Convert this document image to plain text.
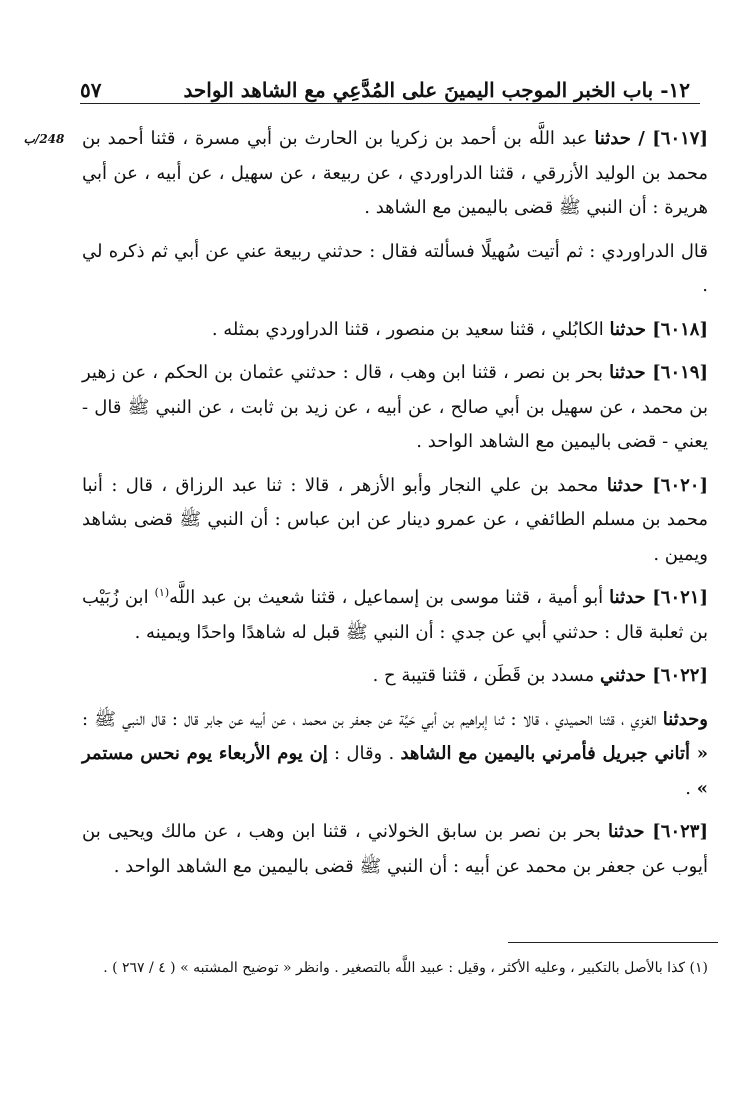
١٢- باب الخبر الموجب اليمينَ على المُدَّعِي مع الشاهد الواحد
٥٧
248/ب	[٦٠١٧] / حدثنا عبد اللَّه بن أحمد بن زكريا بن الحارث بن أبي مسرة ، قثنا أحمد بن محمد بن الوليد الأزرقي ، قثنا الدراوردي ، عن ربيعة ، عن سهيل ، عن أبيه ، عن أبي هريرة : أن النبي ﷺ قضى باليمين مع الشاهد .

قال الدراوردي : ثم أتيت سُهيلًا فسألته فقال : حدثني ربيعة عني عن أبي ثم ذكره لي .

[٦٠١٨] حدثنا الكابُلي ، قثنا سعيد بن منصور ، قثنا الدراوردي بمثله .

[٦٠١٩] حدثنا بحر بن نصر ، قثنا ابن وهب ، قال : حدثني عثمان بن الحكم ، عن زهير بن محمد ، عن سهيل بن أبي صالح ، عن أبيه ، عن زيد بن ثابت ، عن النبي ﷺ قال - يعني - قضى باليمين مع الشاهد الواحد .

[٦٠٢٠] حدثنا محمد بن علي النجار وأبو الأزهر ، قالا : ثنا عبد الرزاق ، قال : أنبا محمد بن مسلم الطائفي ، عن عمرو دينار عن ابن عباس : أن النبي ﷺ قضى بشاهد ويمين .

[٦٠٢١] حدثنا أبو أمية ، قثنا موسى بن إسماعيل ، قثنا شعيث بن عبد اللَّه$^{(١)}$ ابن زُبَيْب بن ثعلبة قال : حدثني أبي عن جدي : أن النبي ﷺ قبل له شاهدًا واحدًا ويمينه .

[٦٠٢٢] حدثني مسدد بن قَطَن ، قثنا قتيبة ح .

وحدثنا الغزي ، قثنا الحميدي ، قالا : ثنا إبراهيم بن أبي حَيَّة عن جعفر بن محمد ، عن أبيه عن جابر قال : قال النبي ﷺ : « أتاني جبريل فأمرني باليمين مع الشاهد . وقال : إن يوم الأربعاء يوم نحس مستمر » .

[٦٠٢٣] حدثنا بحر بن نصر بن سابق الخولاني ، قثنا ابن وهب ، عن مالك ويحيى بن أيوب عن جعفر بن محمد عن أبيه : أن النبي ﷺ قضى باليمين مع الشاهد الواحد .

(١) كذا بالأصل بالتكبير ، وعليه الأكثر ، وقيل : عبيد اللَّه بالتصغير . وانظر « توضيح المشتبه » ( ٤ / ٢٦٧ ) .
